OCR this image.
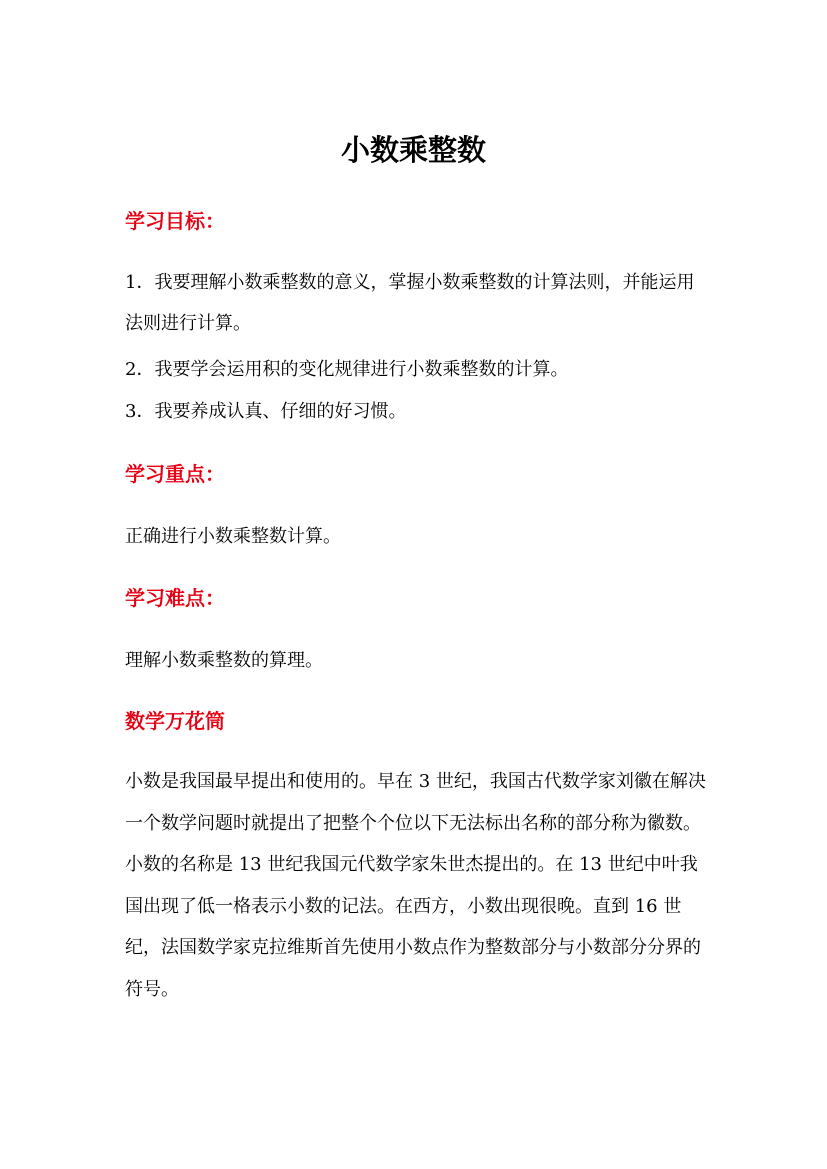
小数乘整数
学习目标：
1．我要理解小数乘整数的意义，掌握小数乘整数的计算法则，并能运用法则进行计算。
2．我要学会运用积的变化规律进行小数乘整数的计算。
3．我要养成认真、仔细的好习惯。
学习重点：
正确进行小数乘整数计算。
学习难点：
理解小数乘整数的算理。
数学万花筒
小数是我国最早提出和使用的。早在 3 世纪，我国古代数学家刘徽在解决一个数学问题时就提出了把整个个位以下无法标出名称的部分称为徽数。小数的名称是 13 世纪我国元代数学家朱世杰提出的。在 13 世纪中叶我国出现了低一格表示小数的记法。在西方，小数出现很晚。直到 16 世纪，法国数学家克拉维斯首先使用小数点作为整数部分与小数部分分界的符号。
